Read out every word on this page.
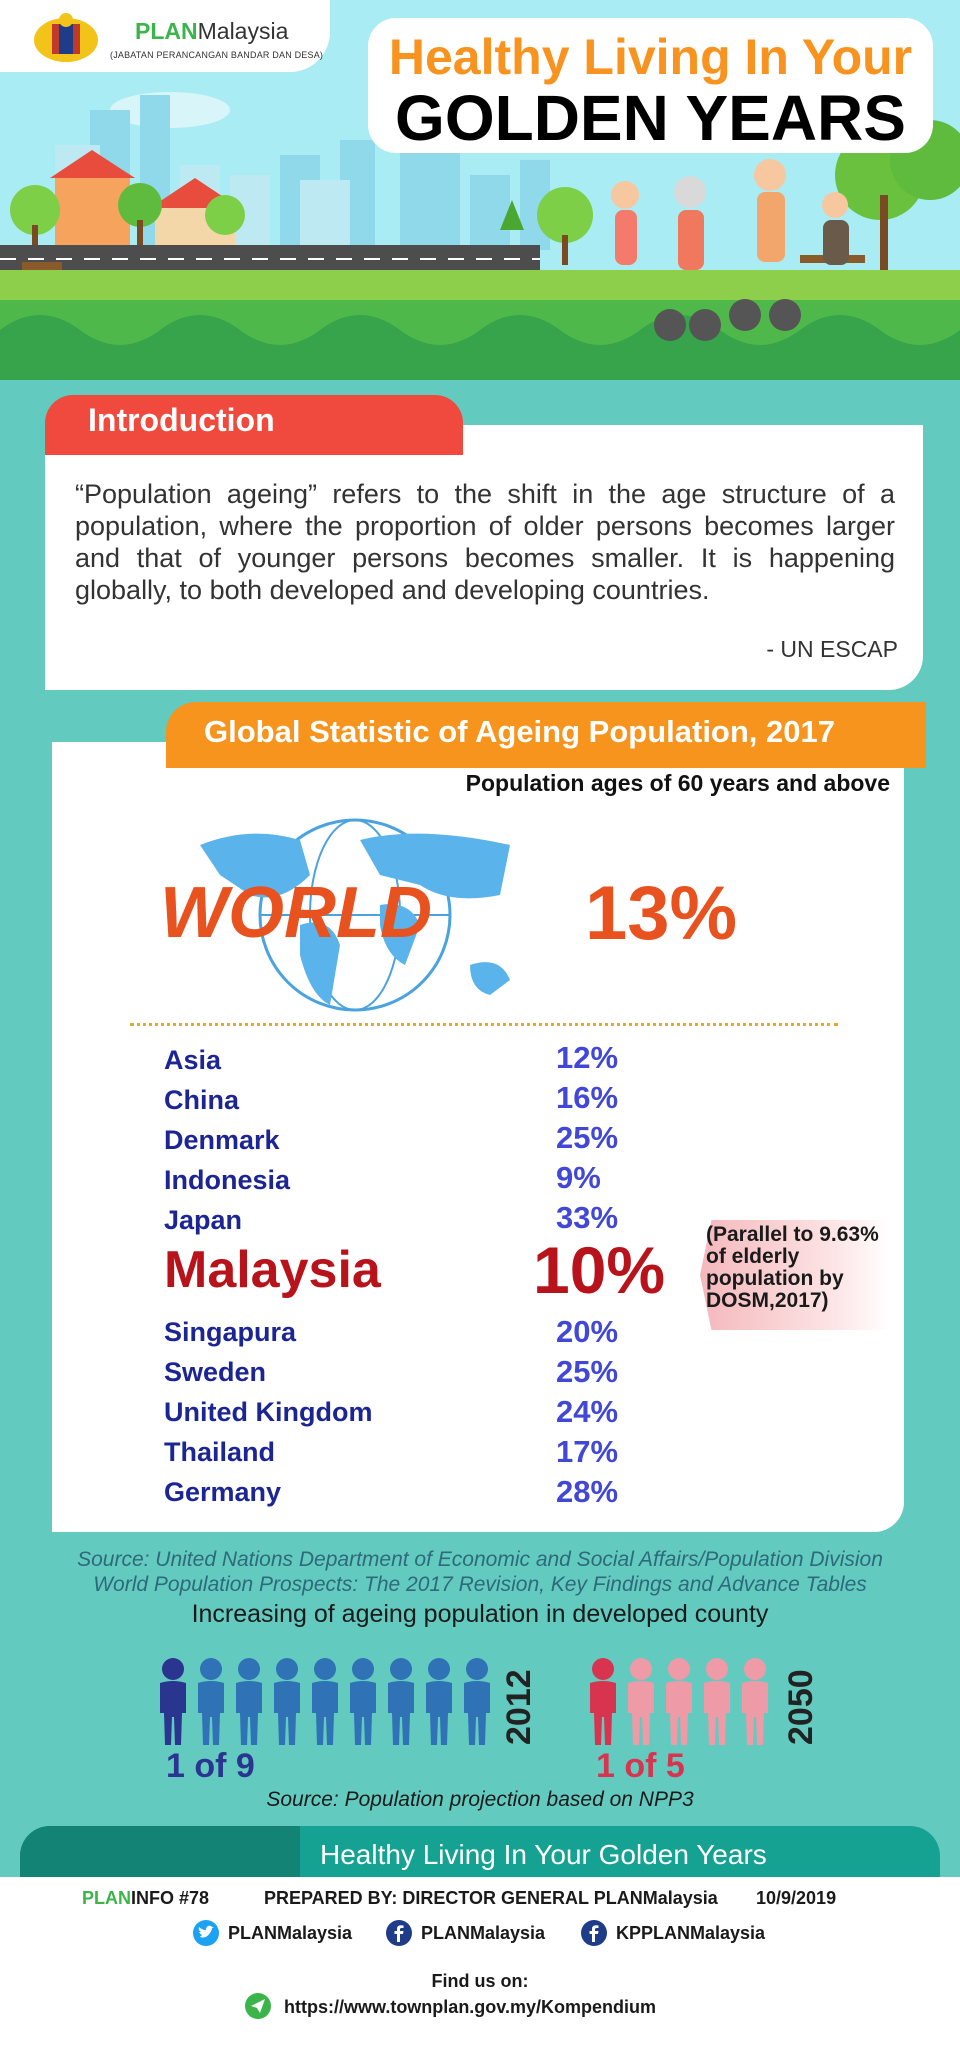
PLANMalaysia
(JABATAN PERANCANGAN BANDAR DAN DESA)	Healthy Living In Your
GOLDEN YEARS
Introduction
“Population ageing” refers to the shift in the age structure of a population, where the proportion of older persons becomes larger and that of younger persons becomes smaller. It is happening globally, to both developed and developing countries.
- UN ESCAP
Global Statistic of Ageing Population, 2017
Population ages of 60 years and above
WORLD 13%
Asia	12%
China	16%
Denmark	25%
Indonesia	9%
Japan	33%
Malaysia 10% (Parallel to 9.63% of elderly population by DOSM,2017)
Singapura	20%
Sweden	25%
United Kingdom	24%
Thailand	17%
Germany	28%
Source: United Nations Department of Economic and Social Affairs/Population Division
World Population Prospects: The 2017 Revision, Key Findings and Advance Tables
Increasing of ageing population in developed county
1 of 9
2012
1 of 5
2050
Source: Population projection based on NPP3
Healthy Living In Your Golden Years
PLANINFO #78	PREPARED BY: DIRECTOR GENERAL PLANMalaysia 10/9/2019
PLANMalaysia	PLANMalaysia	KPPLANMalaysia
Find us on:
https://www.townplan.gov.my/Kompendium
